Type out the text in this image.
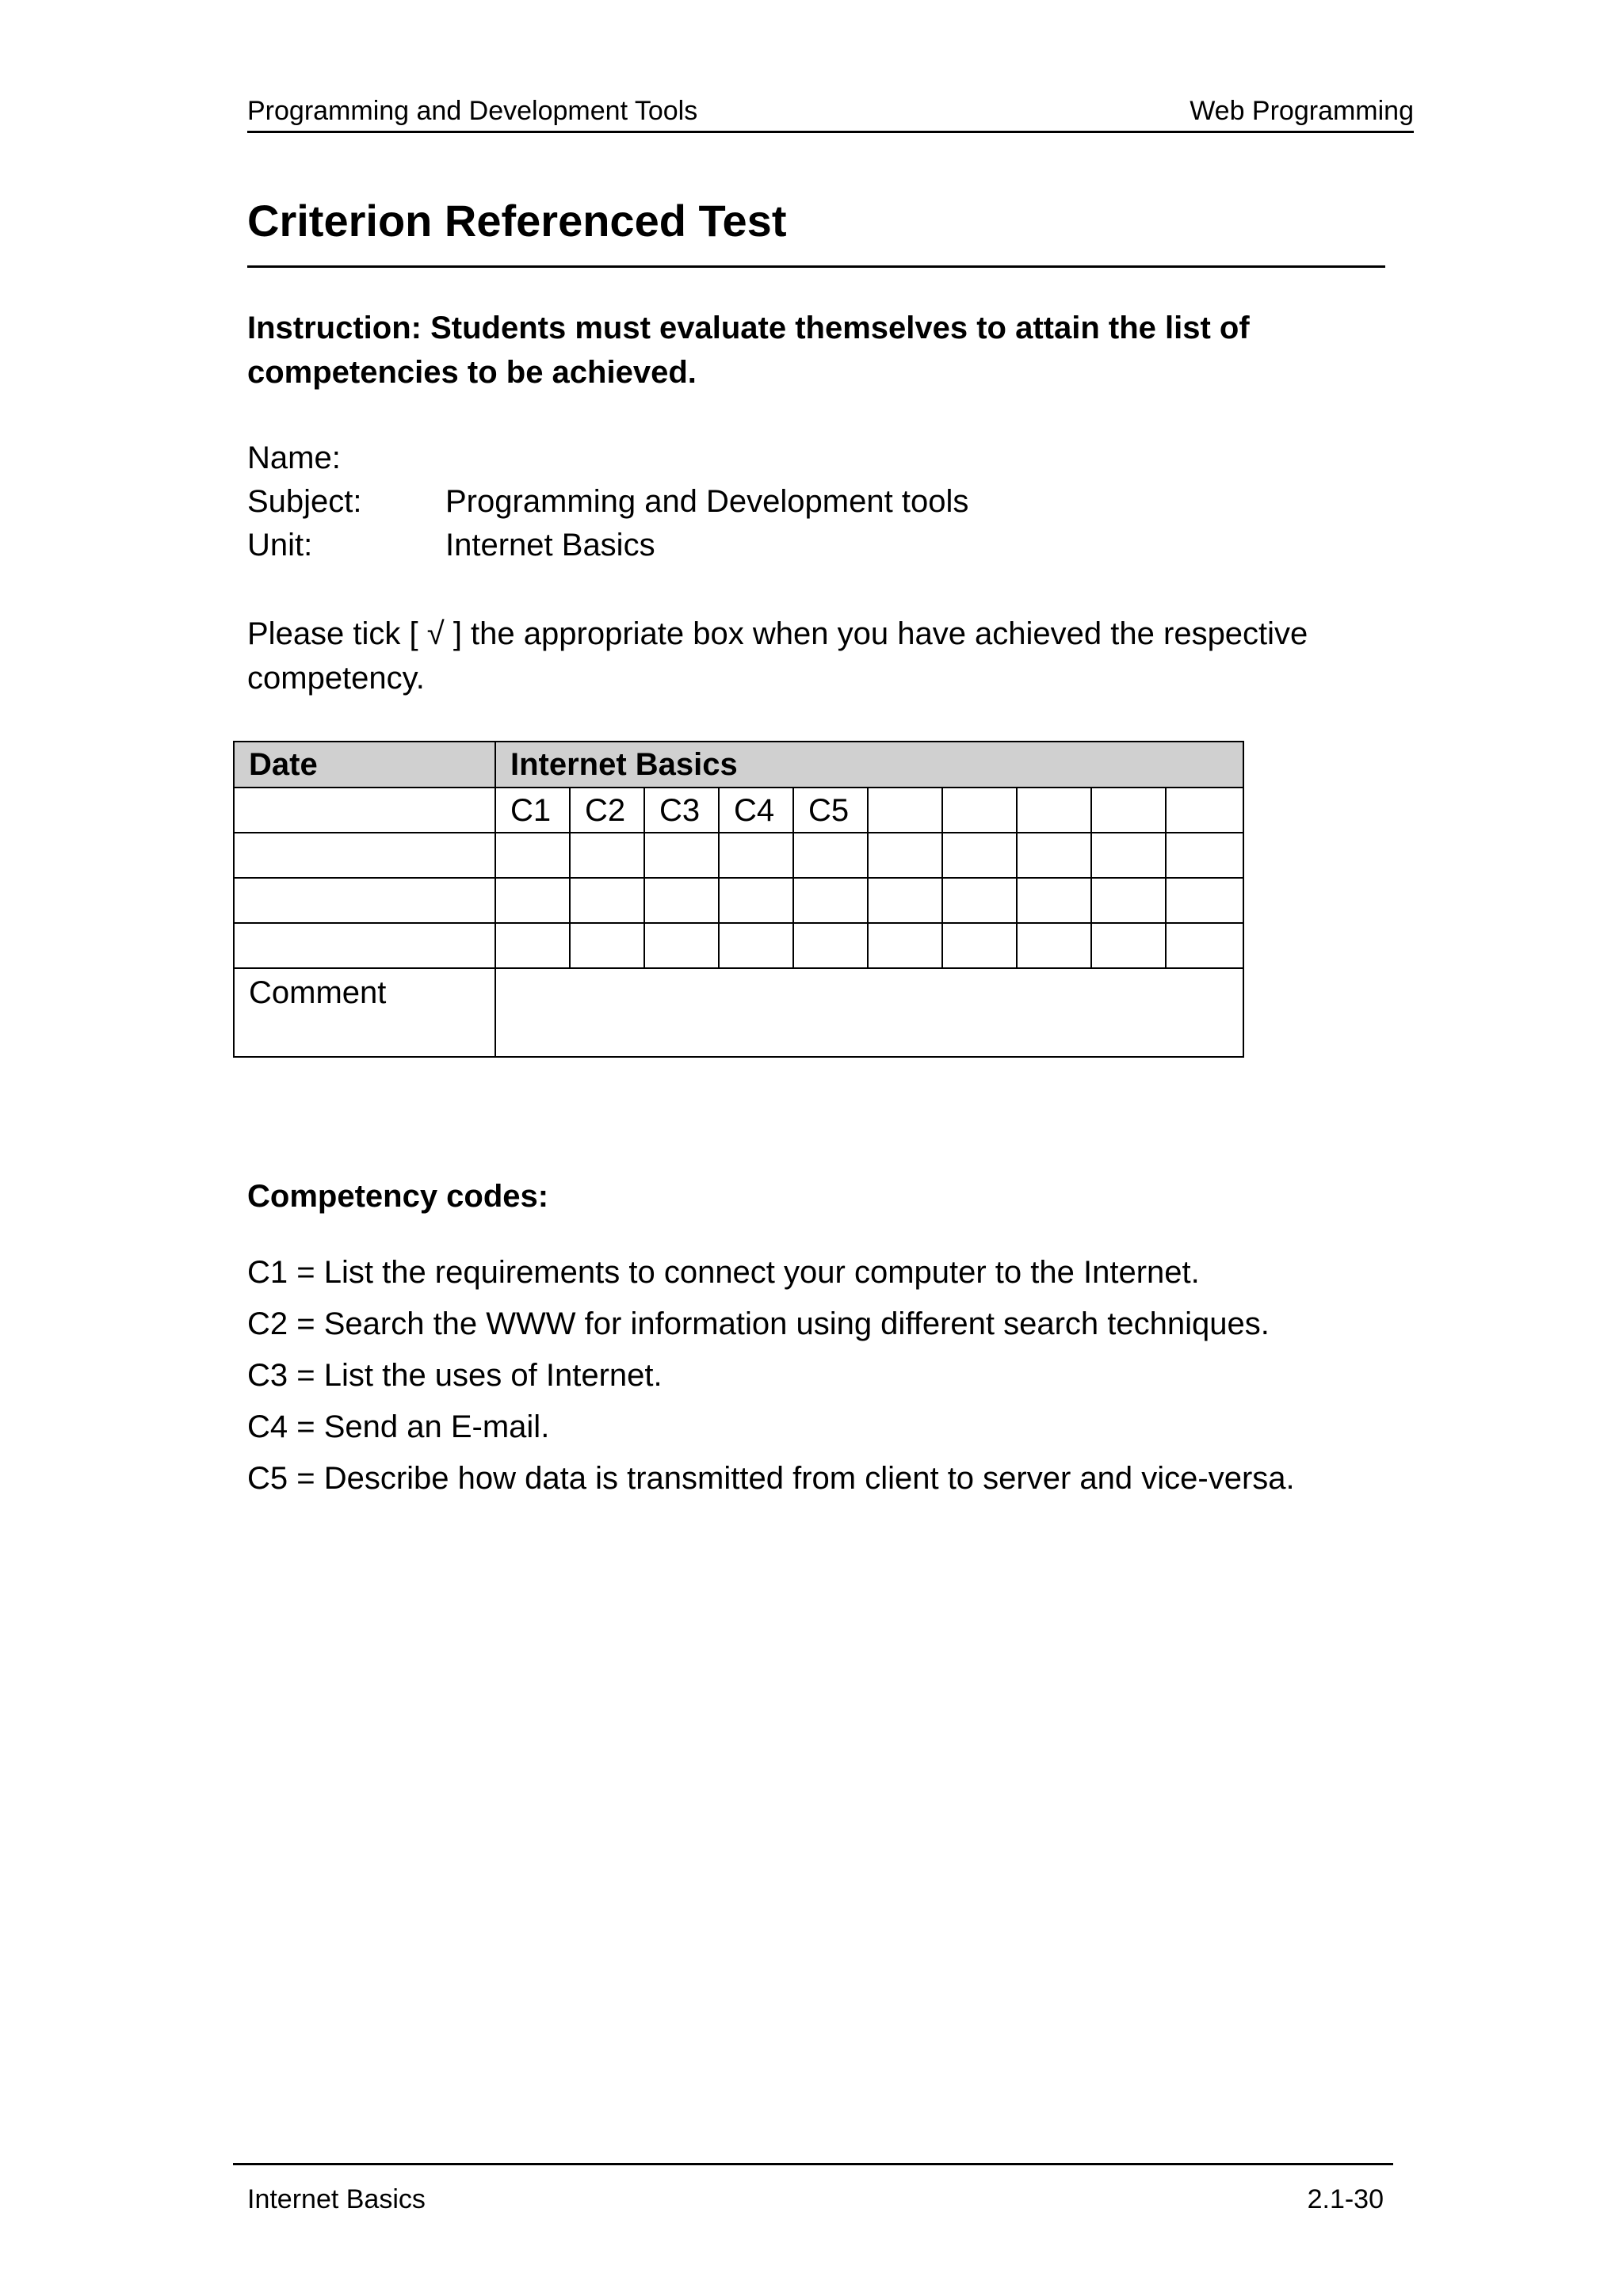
Programming and Development Tools	Web Programming
Criterion Referenced Test
Instruction: Students must evaluate themselves to attain the list of competencies to be achieved.
Name:
Subject:	Programming and Development tools
Unit:	Internet Basics
Please tick [ √ ] the appropriate box when you have achieved the respective competency.
Date	Internet Basics									
	C1	C2	C3	C4	C5					

Comment										
Competency codes:
C1 = List the requirements to connect your computer to the Internet.
C2 = Search the WWW for information using different search techniques.
C3 = List the uses of Internet.
C4 = Send an E-mail.
C5 = Describe how data is transmitted from client to server and vice-versa.
Internet Basics	2.1-30
